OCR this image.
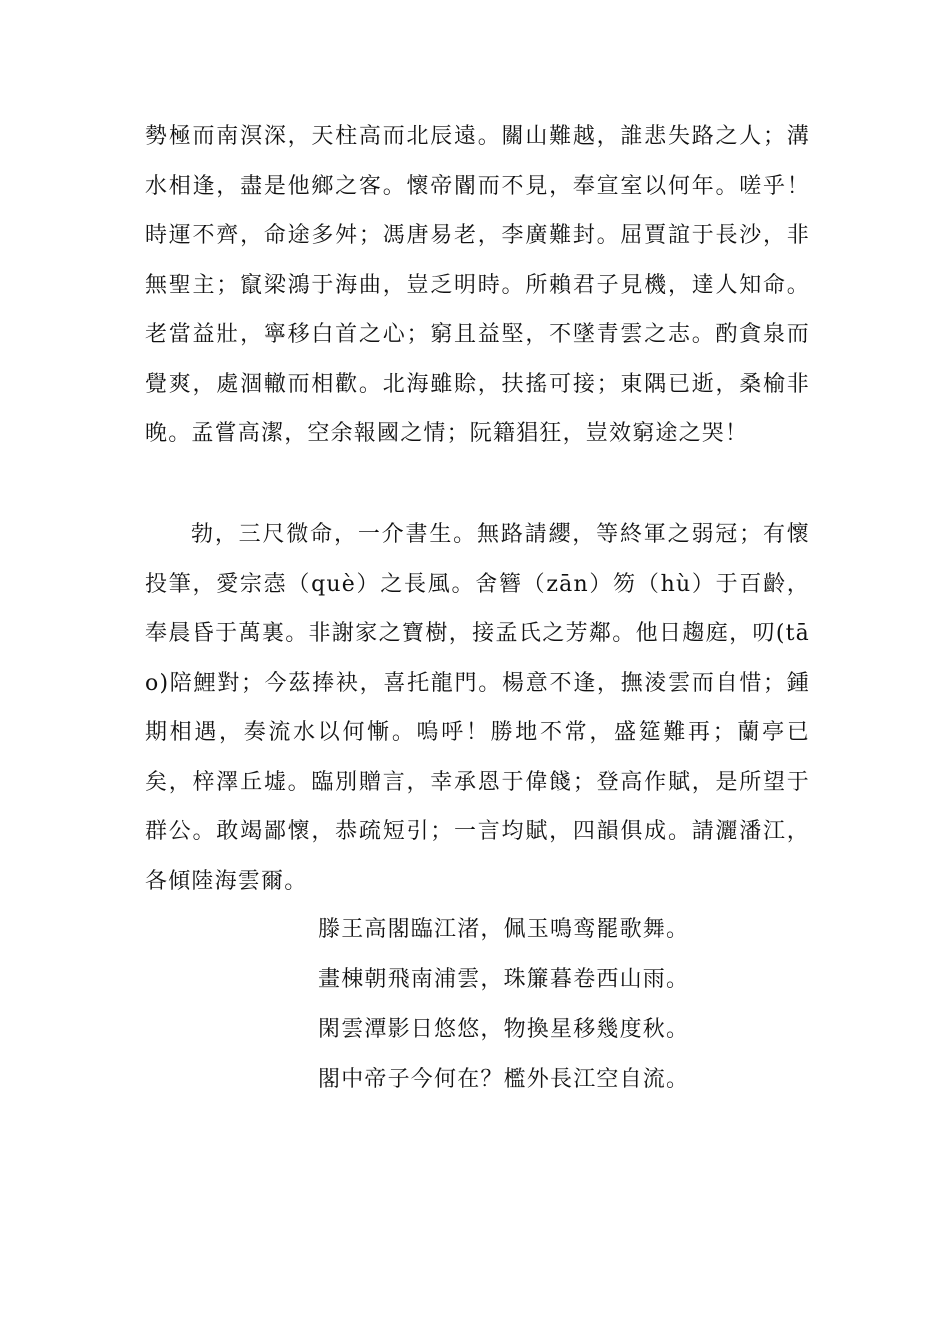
勢極而南溟深，天柱高而北辰遠。關山難越，誰悲失路之人；溝水相逢，盡是他鄉之客。懷帝閽而不見，奉宣室以何年。嗟乎！時運不齊，命途多舛；馮唐易老，李廣難封。屈賈誼于長沙，非無聖主；竄梁鴻于海曲，豈乏明時。所賴君子見機，達人知命。老當益壯，寧移白首之心；窮且益堅，不墜青雲之志。酌貪泉而覺爽，處涸轍而相歡。北海雖賒，扶搖可接；東隅已逝，桑榆非晚。孟嘗高潔，空余報國之情；阮籍猖狂，豈效窮途之哭！

勃，三尺微命，一介書生。無路請纓，等終軍之弱冠；有懷投筆，愛宗悫（què）之長風。舍簪（zān）笏（hù）于百齡，奉晨昏于萬裏。非謝家之寶樹，接孟氏之芳鄰。他日趨庭，叨(tāo)陪鯉對；今茲捧袂，喜托龍門。楊意不逢，撫淩雲而自惜；鍾期相遇，奏流水以何慚。嗚呼！勝地不常，盛筵難再；蘭亭已矣，梓澤丘墟。臨別贈言，幸承恩于偉餞；登高作賦，是所望于群公。敢竭鄙懷，恭疏短引；一言均賦，四韻俱成。請灑潘江，各傾陸海雲爾。

滕王高閣臨江渚，佩玉鳴鸾罷歌舞。
畫棟朝飛南浦雲，珠簾暮卷西山雨。
閑雲潭影日悠悠，物換星移幾度秋。
閣中帝子今何在？檻外長江空自流。
